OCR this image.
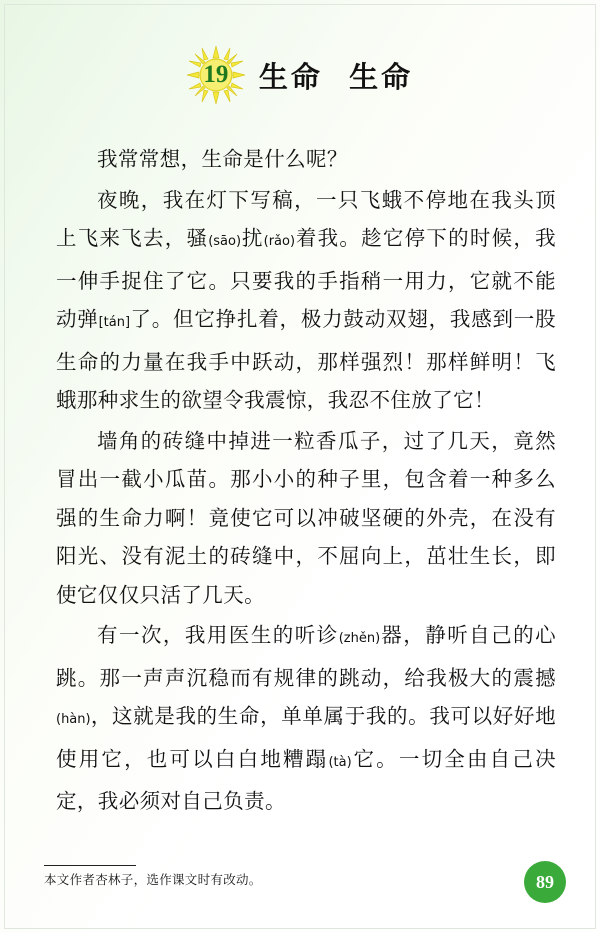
19 生命  生命

我常常想，生命是什么呢？

夜晚，我在灯下写稿，一只飞蛾不停地在我头顶上飞来飞去，骚(sāo)扰(rǎo)着我。趁它停下的时候，我一伸手捉住了它。只要我的手指稍一用力，它就不能动弹[tán]了。但它挣扎着，极力鼓动双翅，我感到一股生命的力量在我手中跃动，那样强烈！那样鲜明！飞蛾那种求生的欲望令我震惊，我忍不住放了它！

墙角的砖缝中掉进一粒香瓜子，过了几天，竟然冒出一截小瓜苗。那小小的种子里，包含着一种多么强的生命力啊！竟使它可以冲破坚硬的外壳，在没有阳光、没有泥土的砖缝中，不屈向上，茁壮生长，即使它仅仅只活了几天。

有一次，我用医生的听诊(zhěn)器，静听自己的心跳。那一声声沉稳而有规律的跳动，给我极大的震撼(hàn)，这就是我的生命，单单属于我的。我可以好好地使用它，也可以白白地糟蹋(tà)它。一切全由自己决定，我必须对自己负责。

本文作者杏林子，选作课文时有改动。	89
